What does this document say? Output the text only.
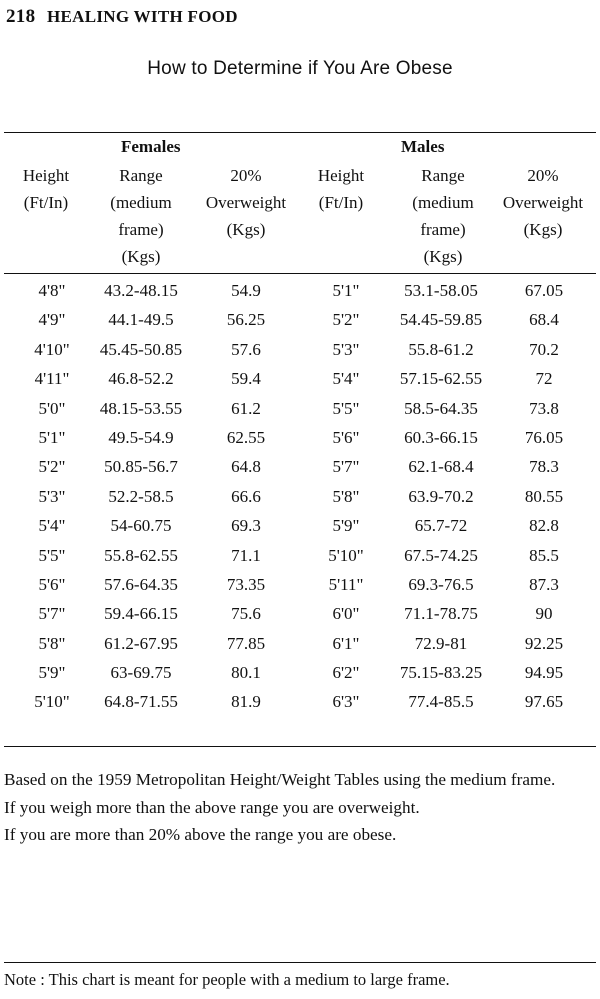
218 HEALING WITH FOOD
How to Determine if You Are Obese
Females	Males
Height
(Ft/In)
Range
(medium
frame)
(Kgs)
20%
Overweight
(Kgs)
Height
(Ft/In)
Range
(medium
frame)
(Kgs)
20%
Overweight
(Kgs)
4'8"	43.2-48.15	54.9	5'1"	53.1-58.05	67.05
4'9"	44.1-49.5	56.25	5'2"	54.45-59.85	68.4
4'10"	45.45-50.85	57.6	5'3"	55.8-61.2	70.2
4'11"	46.8-52.2	59.4	5'4"	57.15-62.55	72
5'0"	48.15-53.55	61.2	5'5"	58.5-64.35	73.8
5'1"	49.5-54.9	62.55	5'6"	60.3-66.15	76.05
5'2"	50.85-56.7	64.8	5'7"	62.1-68.4	78.3
5'3"	52.2-58.5	66.6	5'8"	63.9-70.2	80.55
5'4"	54-60.75	69.3	5'9"	65.7-72	82.8
5'5"	55.8-62.55	71.1	5'10"	67.5-74.25	85.5
5'6"	57.6-64.35	73.35	5'11"	69.3-76.5	87.3
5'7"	59.4-66.15	75.6	6'0"	71.1-78.75	90
5'8"	61.2-67.95	77.85	6'1"	72.9-81	92.25
5'9"	63-69.75	80.1	6'2"	75.15-83.25	94.95
5'10"	64.8-71.55	81.9	6'3"	77.4-85.5	97.65

Based on the 1959 Metropolitan Height/Weight Tables using the medium frame.

If you weigh more than the above range you are overweight.

If you are more than 20% above the range you are obese.

Note : This chart is meant for people with a medium to large frame.
